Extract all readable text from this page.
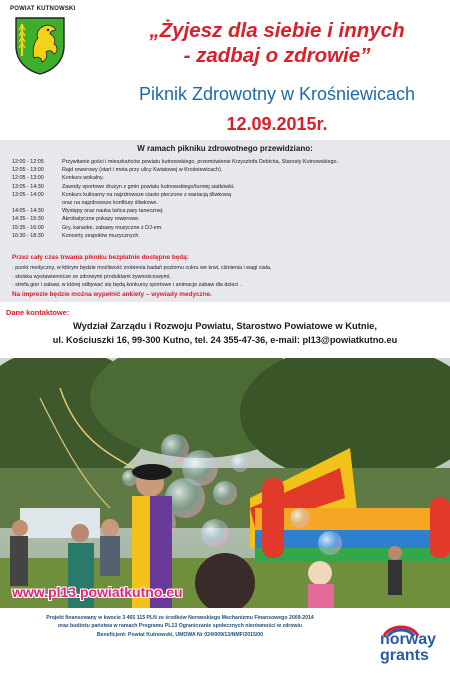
POWIAT KUTNOWSKI
„Żyjesz dla siebie i innych
- zadbaj o zdrowie”
Piknik Zdrowotny w Krośniewicach
12.09.2015r.
W ramach pikniku zdrowotnego przewidziano:
12:00 - 12:05	Przywitanie gości i mieszkańców powiatu kutnowskiego, przemówienie Krzysztofa Debicha, Starosty Kutnowskiego.
12:05 - 13:00	Rajd rowerowy (start i meta przy ulicy Kwiatowej w Krośniewicach).
12:05 - 13:00	Konkurs wokalny.
13:05 - 14:30	Zawody sportowe drużyn z gmin powiatu kutnowskiego/turniej siatkówki.
13:05 - 14:00	Konkurs kulinarny na najzdrowsze ciasto pieczone z wariacją śliwkową
oraz na najzdrowsze konfitury śliwkowe.
14:05 - 14:30	Występy oraz nauka tańca pary tanecznej.
14:35 - 15:30	Akrobatyczne pokazy rowerowe.
15:35 - 16:00	Gry, karaoke, zabawy muzyczne z DJ-em.
16:30 - 18:30	Koncerty zespołów muzycznych.
Przez cały czas trwania pikniku bezpłatnie dostępne będą:
· punkt medyczny, w którym będzie możliwość zrobienia badań poziomu cukru we krwi, ciśnienia i wagi ciała,
· stoiska wystawiennicze ze zdrowymi produktami żywnościowymi,
· strefa gier i zabaw, w której odbywać się będą konkursy sportowe i animacje zabaw dla dzieci .
Na imprezie będzie można wypełnić ankiety – wywiady medyczne.
Dane kontaktowe:
Wydział Zarządu i Rozwoju Powiatu, Starostwo Powiatowe w Kutnie,
ul. Kościuszki 16, 99-300 Kutno, tel. 24 355-47-36, e-mail: pl13@powiatkutno.eu
www.pl13.powiatkutno.eu
Projekt finansowany w kwocie 3 465 115 PLN ze środków Norweskiego Mechanizmu Finansowego 2009-2014
oraz budżetu państwa w ramach Programu PL13 Ograniczanie społecznych nierówności w zdrowiu
Beneficjent: Powiat Kutnowski, UMOWA Nr 024/009/13/NMF/2015/00	norway
grants
